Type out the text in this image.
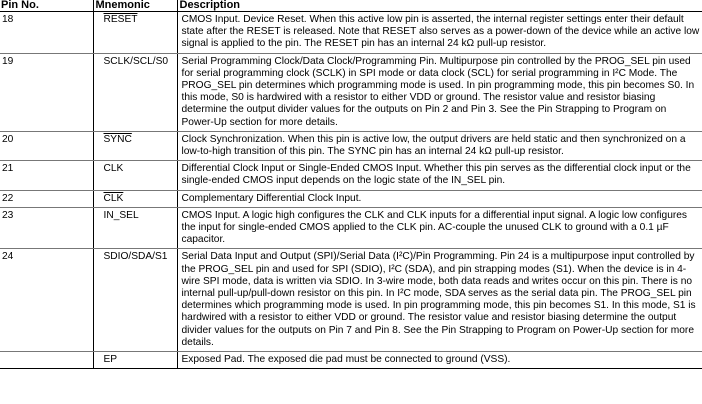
Pin No.	Mnemonic	Description
18	RESET	CMOS Input. Device Reset. When this active low pin is asserted, the internal register settings enter their default state after the RESET is released. Note that RESET also serves as a power-down of the device while an active low signal is applied to the pin. The RESET pin has an internal 24 kΩ pull-up resistor.
19	SCLK/SCL/S0	Serial Programming Clock/Data Clock/Programming Pin. Multipurpose pin controlled by the PROG_SEL pin used for serial programming clock (SCLK) in SPI mode or data clock (SCL) for serial programming in I²C Mode. The PROG_SEL pin determines which programming mode is used. In pin programming mode, this pin becomes S0. In this mode, S0 is hardwired with a resistor to either VDD or ground. The resistor value and resistor biasing determine the output divider values for the outputs on Pin 2 and Pin 3. See the Pin Strapping to Program on Power-Up section for more details.
20	SYNC	Clock Synchronization. When this pin is active low, the output drivers are held static and then synchronized on a low-to-high transition of this pin. The SYNC pin has an internal 24 kΩ pull-up resistor.
21	CLK	Differential Clock Input or Single-Ended CMOS Input. Whether this pin serves as the differential clock input or the single-ended CMOS input depends on the logic state of the IN_SEL pin.
22	$\overline{CLK}$	Complementary Differential Clock Input.
23	IN_SEL	CMOS Input. A logic high configures the CLK and CLK inputs for a differential input signal. A logic low configures the input for single-ended CMOS applied to the CLK pin. AC-couple the unused CLK to ground with a 0.1 µF capacitor.
24	SDIO/SDA/S1	Serial Data Input and Output (SPI)/Serial Data (I²C)/Pin Programming. Pin 24 is a multipurpose input controlled by the PROG_SEL pin and used for SPI (SDIO), I²C (SDA), and pin strapping modes (S1). When the device is in 4-wire SPI mode, data is written via SDIO. In 3-wire mode, both data reads and writes occur on this pin. There is no internal pull-up/pull-down resistor on this pin. In I²C mode, SDA serves as the serial data pin. The PROG_SEL pin determines which programming mode is used. In pin programming mode, this pin becomes S1. In this mode, S1 is hardwired with a resistor to either VDD or ground. The resistor value and resistor biasing determine the output divider values for the outputs on Pin 7 and Pin 8. See the Pin Strapping to Program on Power-Up section for more details.
	EP	Exposed Pad. The exposed die pad must be connected to ground (VSS).
